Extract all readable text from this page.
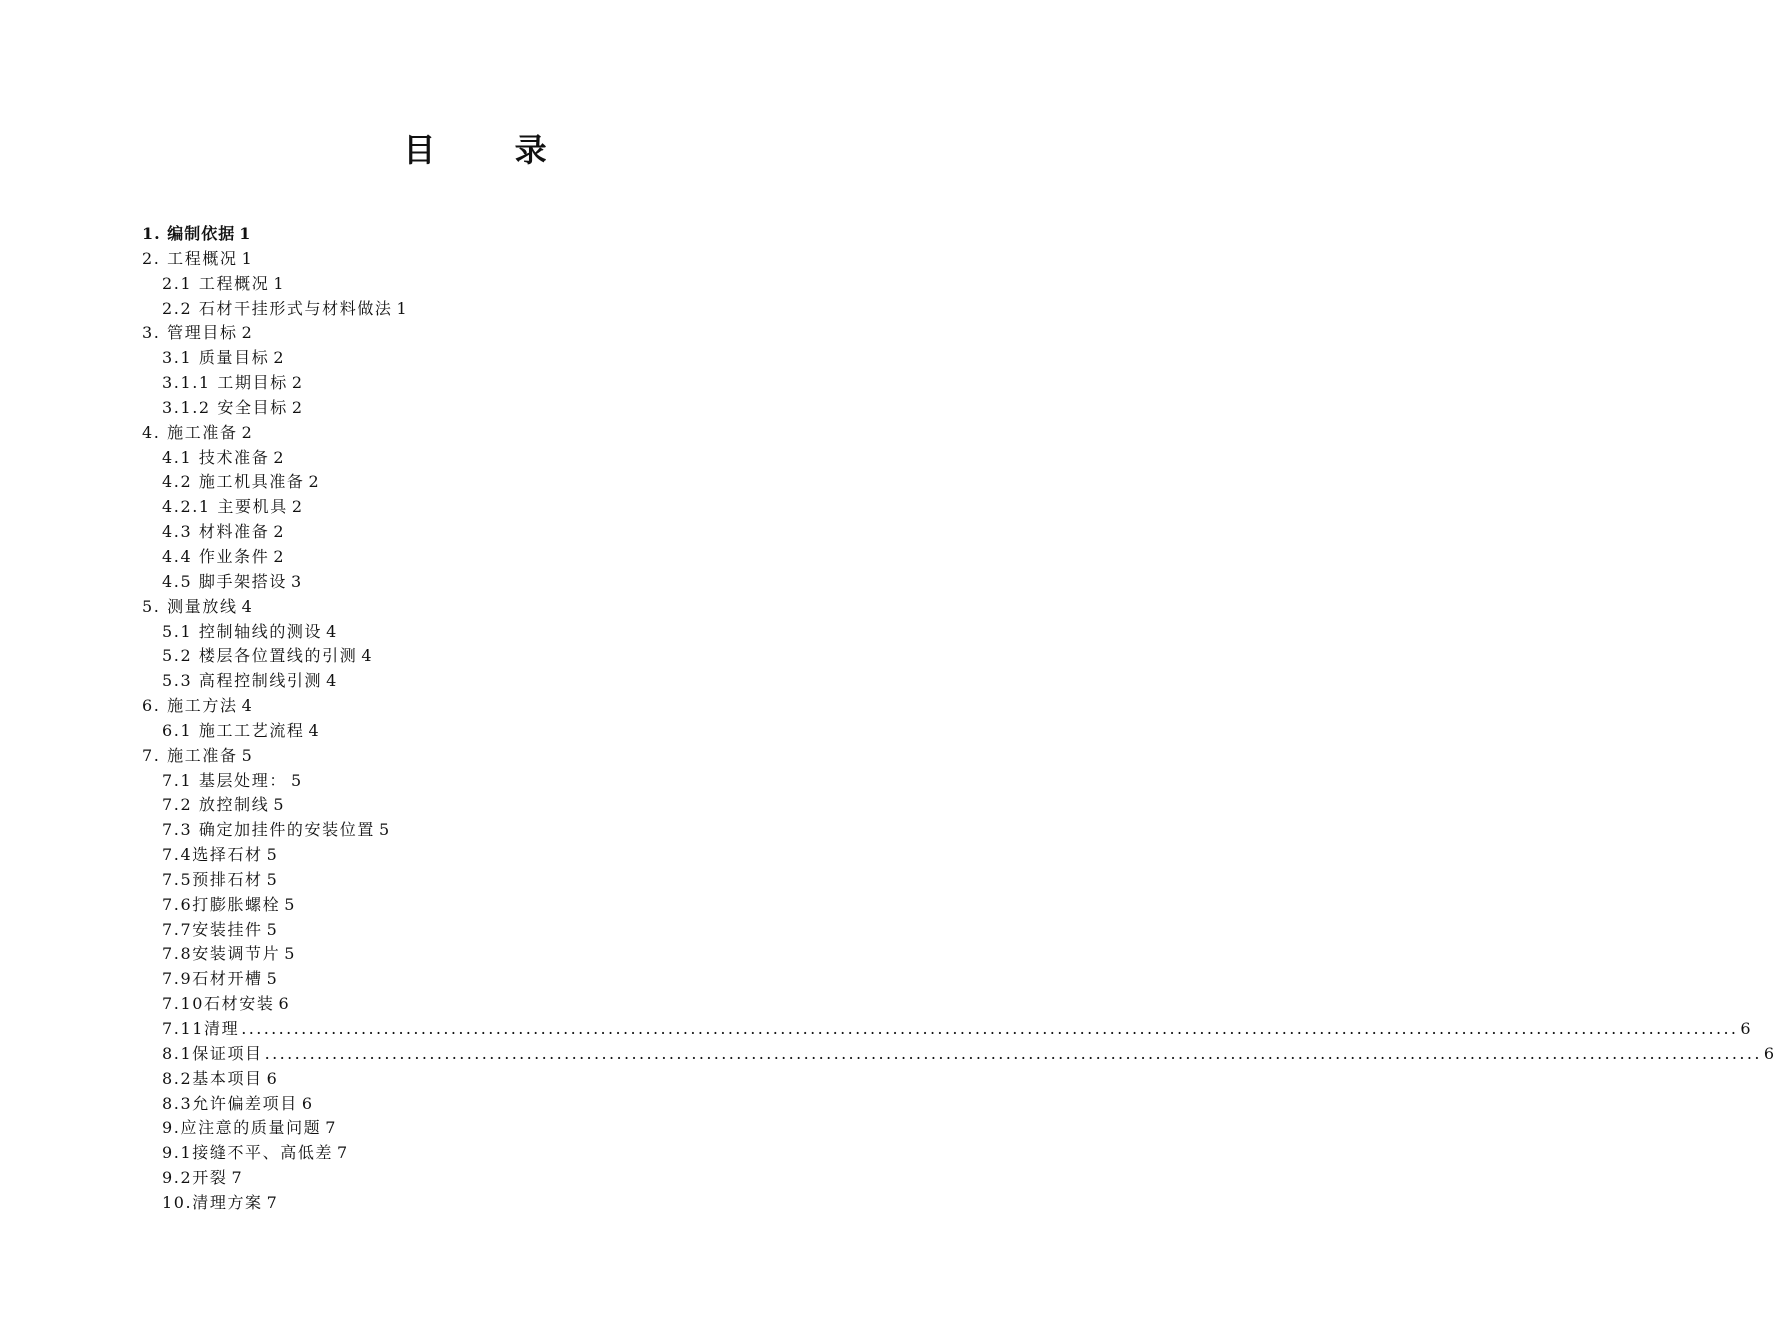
目 录
1. 编制依据 1
2. 工程概况 1
2.1 工程概况 1
2.2 石材干挂形式与材料做法 1
3. 管理目标 2
3.1 质量目标 2
3.1.1 工期目标 2
3.1.2 安全目标 2
4. 施工准备 2
4.1 技术准备 2
4.2 施工机具准备 2
4.2.1 主要机具 2
4.3 材料准备 2
4.4 作业条件 2
4.5 脚手架搭设 3
5. 测量放线 4
5.1 控制轴线的测设 4
5.2 楼层各位置线的引测 4
5.3 高程控制线引测 4
6. 施工方法 4
6.1 施工工艺流程 4
7. 施工准备 5
7.1 基层处理： 5
7.2 放控制线 5
7.3 确定加挂件的安装位置 5
7.4选择石材 5
7.5预排石材 5
7.6打膨胀螺栓 5
7.7安装挂件 5
7.8安装调节片 5
7.9石材开槽 5
7.10石材安装 6
7.11清理 ........................................................................................................................................................................................................ 6
8.1保证项目 ........................................................................................................................................................................................................ 6
8.2基本项目 6
8.3允许偏差项目 6
9.应注意的质量问题 7
9.1接缝不平、高低差 7
9.2开裂 7
10.清理方案 7
